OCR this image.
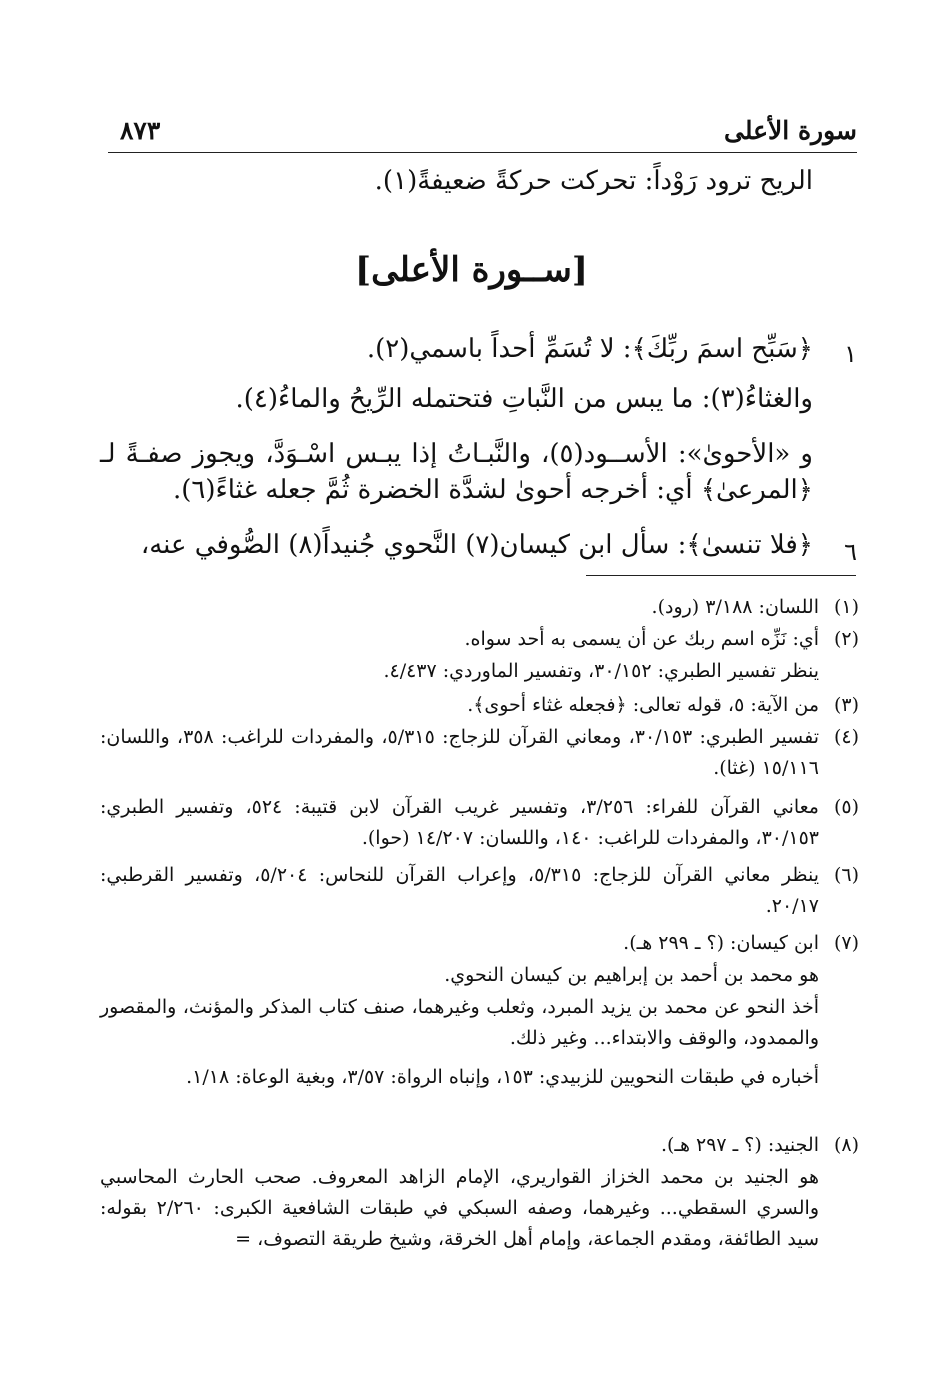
سورة الأعلى
٨٧٣
الريح ترود رَوْداً: تحركت حركةً ضعيفةً(١).
[ســورة الأعلى]
١
﴿سَبِّح اسمَ ربِّكَ﴾: لا تُسَمِّ أحداً باسمي(٢).
والغثاءُ(٣): ما يبس من النَّباتِ فتحتمله الرِّيحُ والماءُ(٤).
و «الأحوىٰ»: الأســود(٥)، والنَّبـاتُ إذا يبـس اسْـوَدَّ، ويجوز صفـةً لـ ﴿المرعىٰ﴾ أي: أخرجه أحوىٰ لشدَّة الخضرة ثُمَّ جعله غثاءً(٦).
٦
﴿فلا تنسىٰ﴾: سأل ابن كيسان(٧) النَّحوي جُنيداً(٨) الصُّوفي عنه،
(١)اللسان: ٣/١٨٨ (رود).
(٢)أي: نَزِّه اسم ربك عن أن يسمى به أحد سواه.
ينظر تفسير الطبري: ٣٠/١٥٢، وتفسير الماوردي: ٤/٤٣٧.
(٣)من الآية: ٥، قوله تعالى: ﴿فجعله غثاء أحوى﴾.
(٤)
تفسير الطبري: ٣٠/١٥٣، ومعاني القرآن للزجاج: ٥/٣١٥، والمفردات للراغب: ٣٥٨، واللسان: ١٥/١١٦ (غثا).
(٥)
معاني القرآن للفراء: ٣/٢٥٦، وتفسير غريب القرآن لابن قتيبة: ٥٢٤، وتفسير الطبري: ٣٠/١٥٣، والمفردات للراغب: ١٤٠، واللسان: ١٤/٢٠٧ (حوا).
(٦)
ينظر معاني القرآن للزجاج: ٥/٣١٥، وإعراب القرآن للنحاس: ٥/٢٠٤، وتفسير القرطبي: ٢٠/١٧.
(٧)ابن كيسان: (؟ ـ ٢٩٩ هـ).
هو محمد بن أحمد بن إبراهيم بن كيسان النحوي.
أخذ النحو عن محمد بن يزيد المبرد، وثعلب وغيرهما، صنف كتاب المذكر والمؤنث، والمقصور والممدود، والوقف والابتداء... وغير ذلك.
أخباره في طبقات النحويين للزبيدي: ١٥٣، وإنباه الرواة: ٣/٥٧، وبغية الوعاة: ١/١٨.
(٨)الجنيد: (؟ ـ ٢٩٧ هـ).
هو الجنيد بن محمد الخزاز القواريري، الإمام الزاهد المعروف. صحب الحارث المحاسبي والسري السقطي... وغيرهما، وصفه السبكي في طبقات الشافعية الكبرى: ٢/٢٦٠ بقوله: سيد الطائفة، ومقدم الجماعة، وإمام أهل الخرقة، وشيخ طريقة التصوف، =
